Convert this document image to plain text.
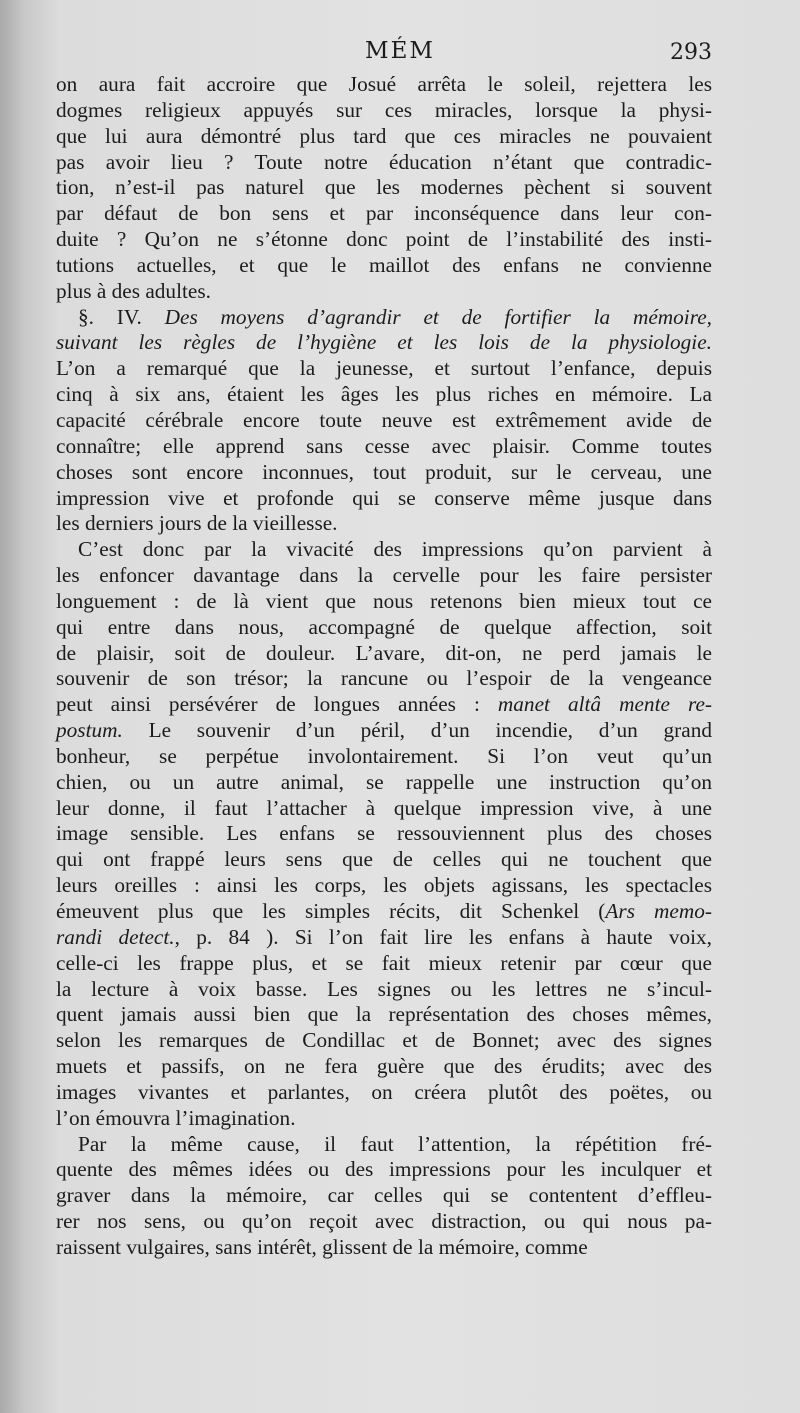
MÉM	293
on aura fait accroire que Josué arrêta le soleil, rejettera les
dogmes religieux appuyés sur ces miracles, lorsque la physi-
que lui aura démontré plus tard que ces miracles ne pouvaient
pas avoir lieu ? Toute notre éducation n’étant que contradic-
tion, n’est-il pas naturel que les modernes pèchent si souvent
par défaut de bon sens et par inconséquence dans leur con-
duite ? Qu’on ne s’étonne donc point de l’instabilité des insti-
tutions actuelles, et que le maillot des enfans ne convienne
plus à des adultes.
§. IV. Des moyens d’agrandir et de fortifier la mémoire,
suivant les règles de l’hygiène et les lois de la physiologie.
L’on a remarqué que la jeunesse, et surtout l’enfance, depuis
cinq à six ans, étaient les âges les plus riches en mémoire. La
capacité cérébrale encore toute neuve est extrêmement avide de
connaître; elle apprend sans cesse avec plaisir. Comme toutes
choses sont encore inconnues, tout produit, sur le cerveau, une
impression vive et profonde qui se conserve même jusque dans
les derniers jours de la vieillesse.
C’est donc par la vivacité des impressions qu’on parvient à
les enfoncer davantage dans la cervelle pour les faire persister
longuement : de là vient que nous retenons bien mieux tout ce
qui entre dans nous, accompagné de quelque affection, soit
de plaisir, soit de douleur. L’avare, dit-on, ne perd jamais le
souvenir de son trésor; la rancune ou l’espoir de la vengeance
peut ainsi persévérer de longues années : manet altâ mente re-
postum. Le souvenir d’un péril, d’un incendie, d’un grand
bonheur, se perpétue involontairement. Si l’on veut qu’un
chien, ou un autre animal, se rappelle une instruction qu’on
leur donne, il faut l’attacher à quelque impression vive, à une
image sensible. Les enfans se ressouviennent plus des choses
qui ont frappé leurs sens que de celles qui ne touchent que
leurs oreilles : ainsi les corps, les objets agissans, les spectacles
émeuvent plus que les simples récits, dit Schenkel (Ars memo-
randi detect., p. 84 ). Si l’on fait lire les enfans à haute voix,
celle-ci les frappe plus, et se fait mieux retenir par cœur que
la lecture à voix basse. Les signes ou les lettres ne s’incul-
quent jamais aussi bien que la représentation des choses mêmes,
selon les remarques de Condillac et de Bonnet; avec des signes
muets et passifs, on ne fera guère que des érudits; avec des
images vivantes et parlantes, on créera plutôt des poëtes, ou
l’on émouvra l’imagination.
Par la même cause, il faut l’attention, la répétition fré-
quente des mêmes idées ou des impressions pour les inculquer et
graver dans la mémoire, car celles qui se contentent d’effleu-
rer nos sens, ou qu’on reçoit avec distraction, ou qui nous pa-
raissent vulgaires, sans intérêt, glissent de la mémoire, comme
